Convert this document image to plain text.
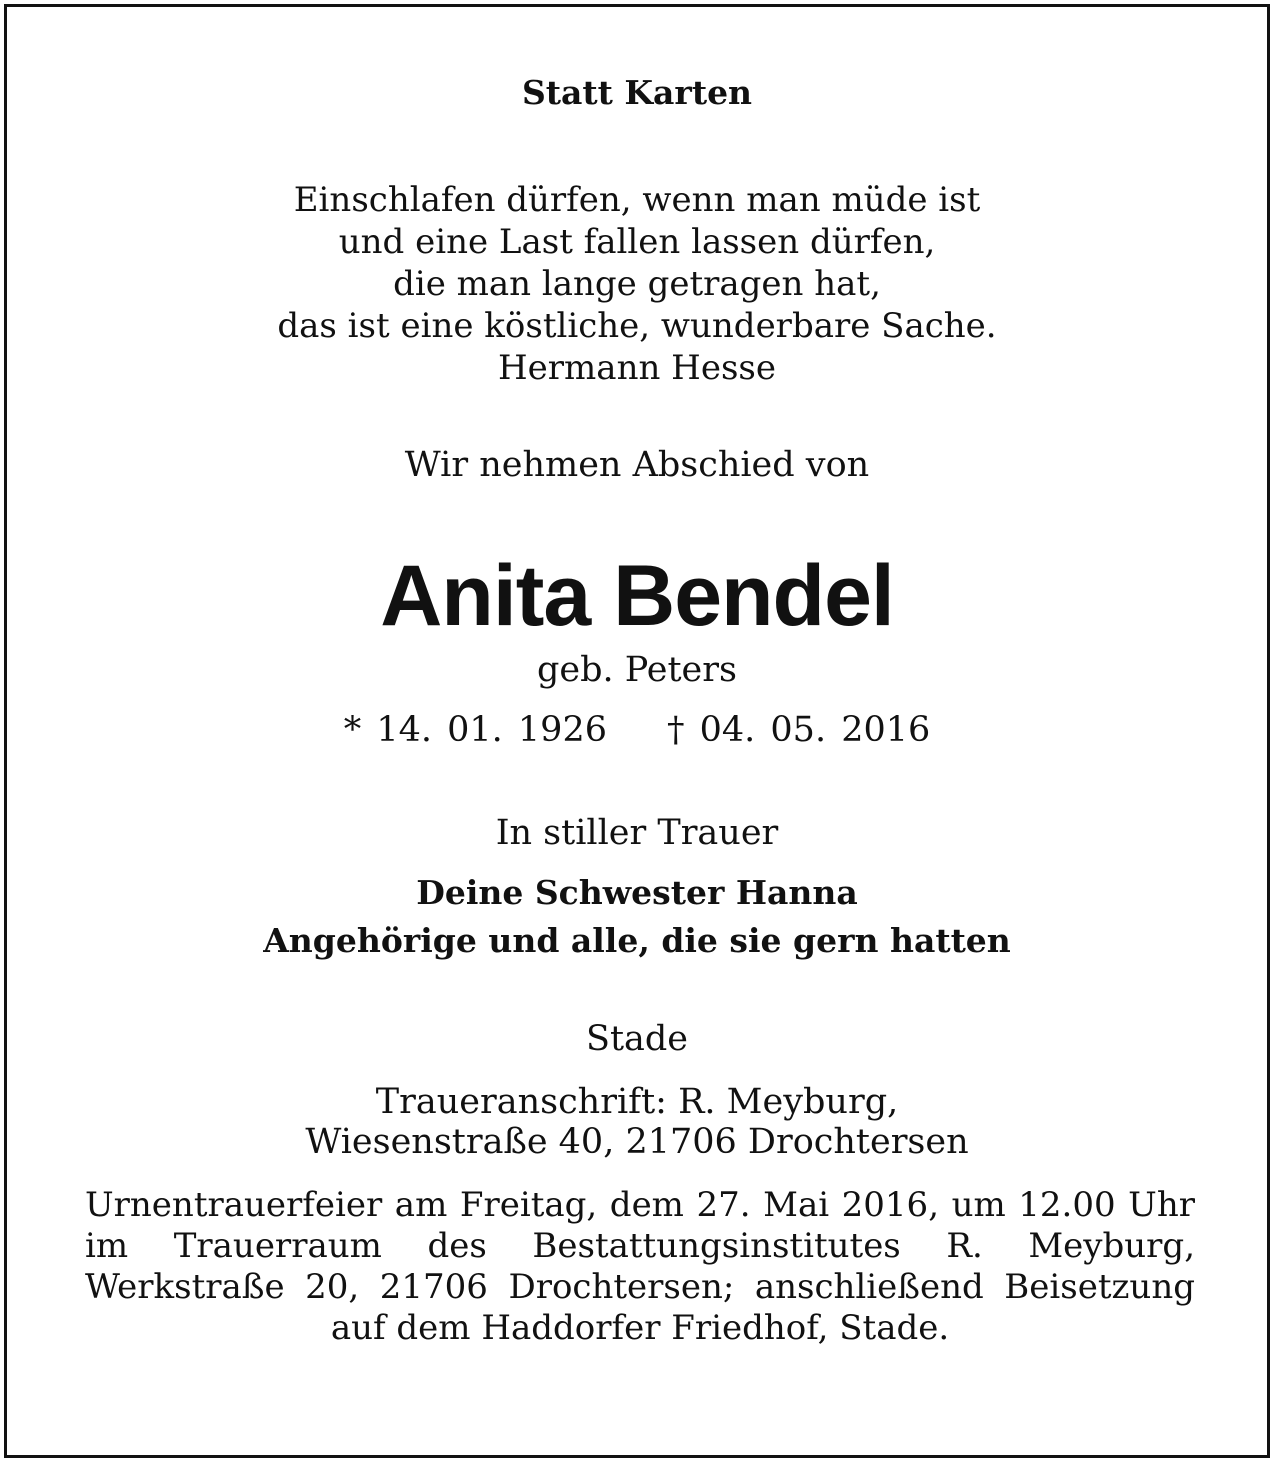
Statt Karten
Einschlafen dürfen, wenn man müde ist
und eine Last fallen lassen dürfen,
die man lange getragen hat,
das ist eine köstliche, wunderbare Sache.
Hermann Hesse
Wir nehmen Abschied von
Anita Bendel
geb. Peters
* 14. 01. 1926 † 04. 05. 2016
In stiller Trauer
Deine Schwester Hanna
Angehörige und alle, die sie gern hatten
Stade
Traueranschrift: R. Meyburg,
Wiesenstraße 40, 21706 Drochtersen
Urnentrauerfeier am Freitag, dem 27. Mai 2016, um 12.00 Uhr im Trauerraum des Bestattungsinstitutes R. Meyburg, Werkstraße 20, 21706 Drochtersen; anschließend Beisetzung auf dem Haddorfer Friedhof, Stade.
